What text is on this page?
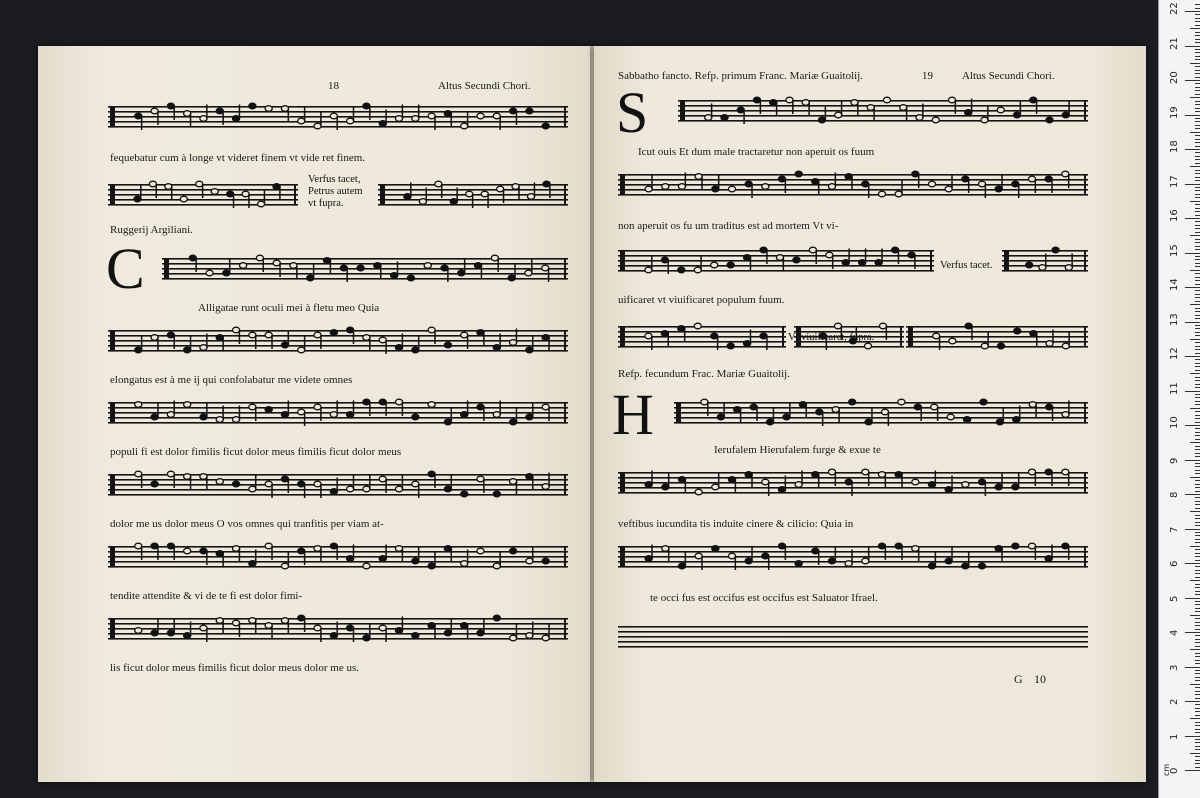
18	Altus Secundi Chori.
fequebatur cum à longe vt videret finem vt vide ret finem.
Verfus tacet,
Petrus autem
vt fupra.
Ruggerij Argiliani.
C
Alligatae runt oculi mei à fletu meo Quia
elongatus est à me ij qui confolabatur me videte omnes
populi fi est dolor fimilis ficut dolor meus fimilis ficut dolor meus
dolor me us dolor meus O vos omnes qui tranfitis per viam at-
tendite attendite & vi de te fi est dolor fimi-
lis ficut dolor meus fimilis ficut dolor meus dolor me us.
Sabbatho fancto. Refp. primum Franc. Mariæ Guaitolij.	19	Altus Secundi Chori.
S
Icut ouis Et dum male tractaretur non aperuit os fuum
non aperuit os fu um traditus est ad mortem Vt vi-
Verfus tacet.
uificaret vt viuificaret populum fuum.
Vt viuificaret, fupra.
Refp. fecundum Frac. Mariæ Guaitolij.
H
Ierufalem Hierufalem furge & exue te
veftibus iucundita tis induite cinere & cilicio: Quia in
te occi fus est occifus est occifus est Saluator Ifrael.
G 10
0
1
2
3
4
5
6
7
8
9
10
11
12
13
14
15
16
17
18
19
20
21
22
cm
